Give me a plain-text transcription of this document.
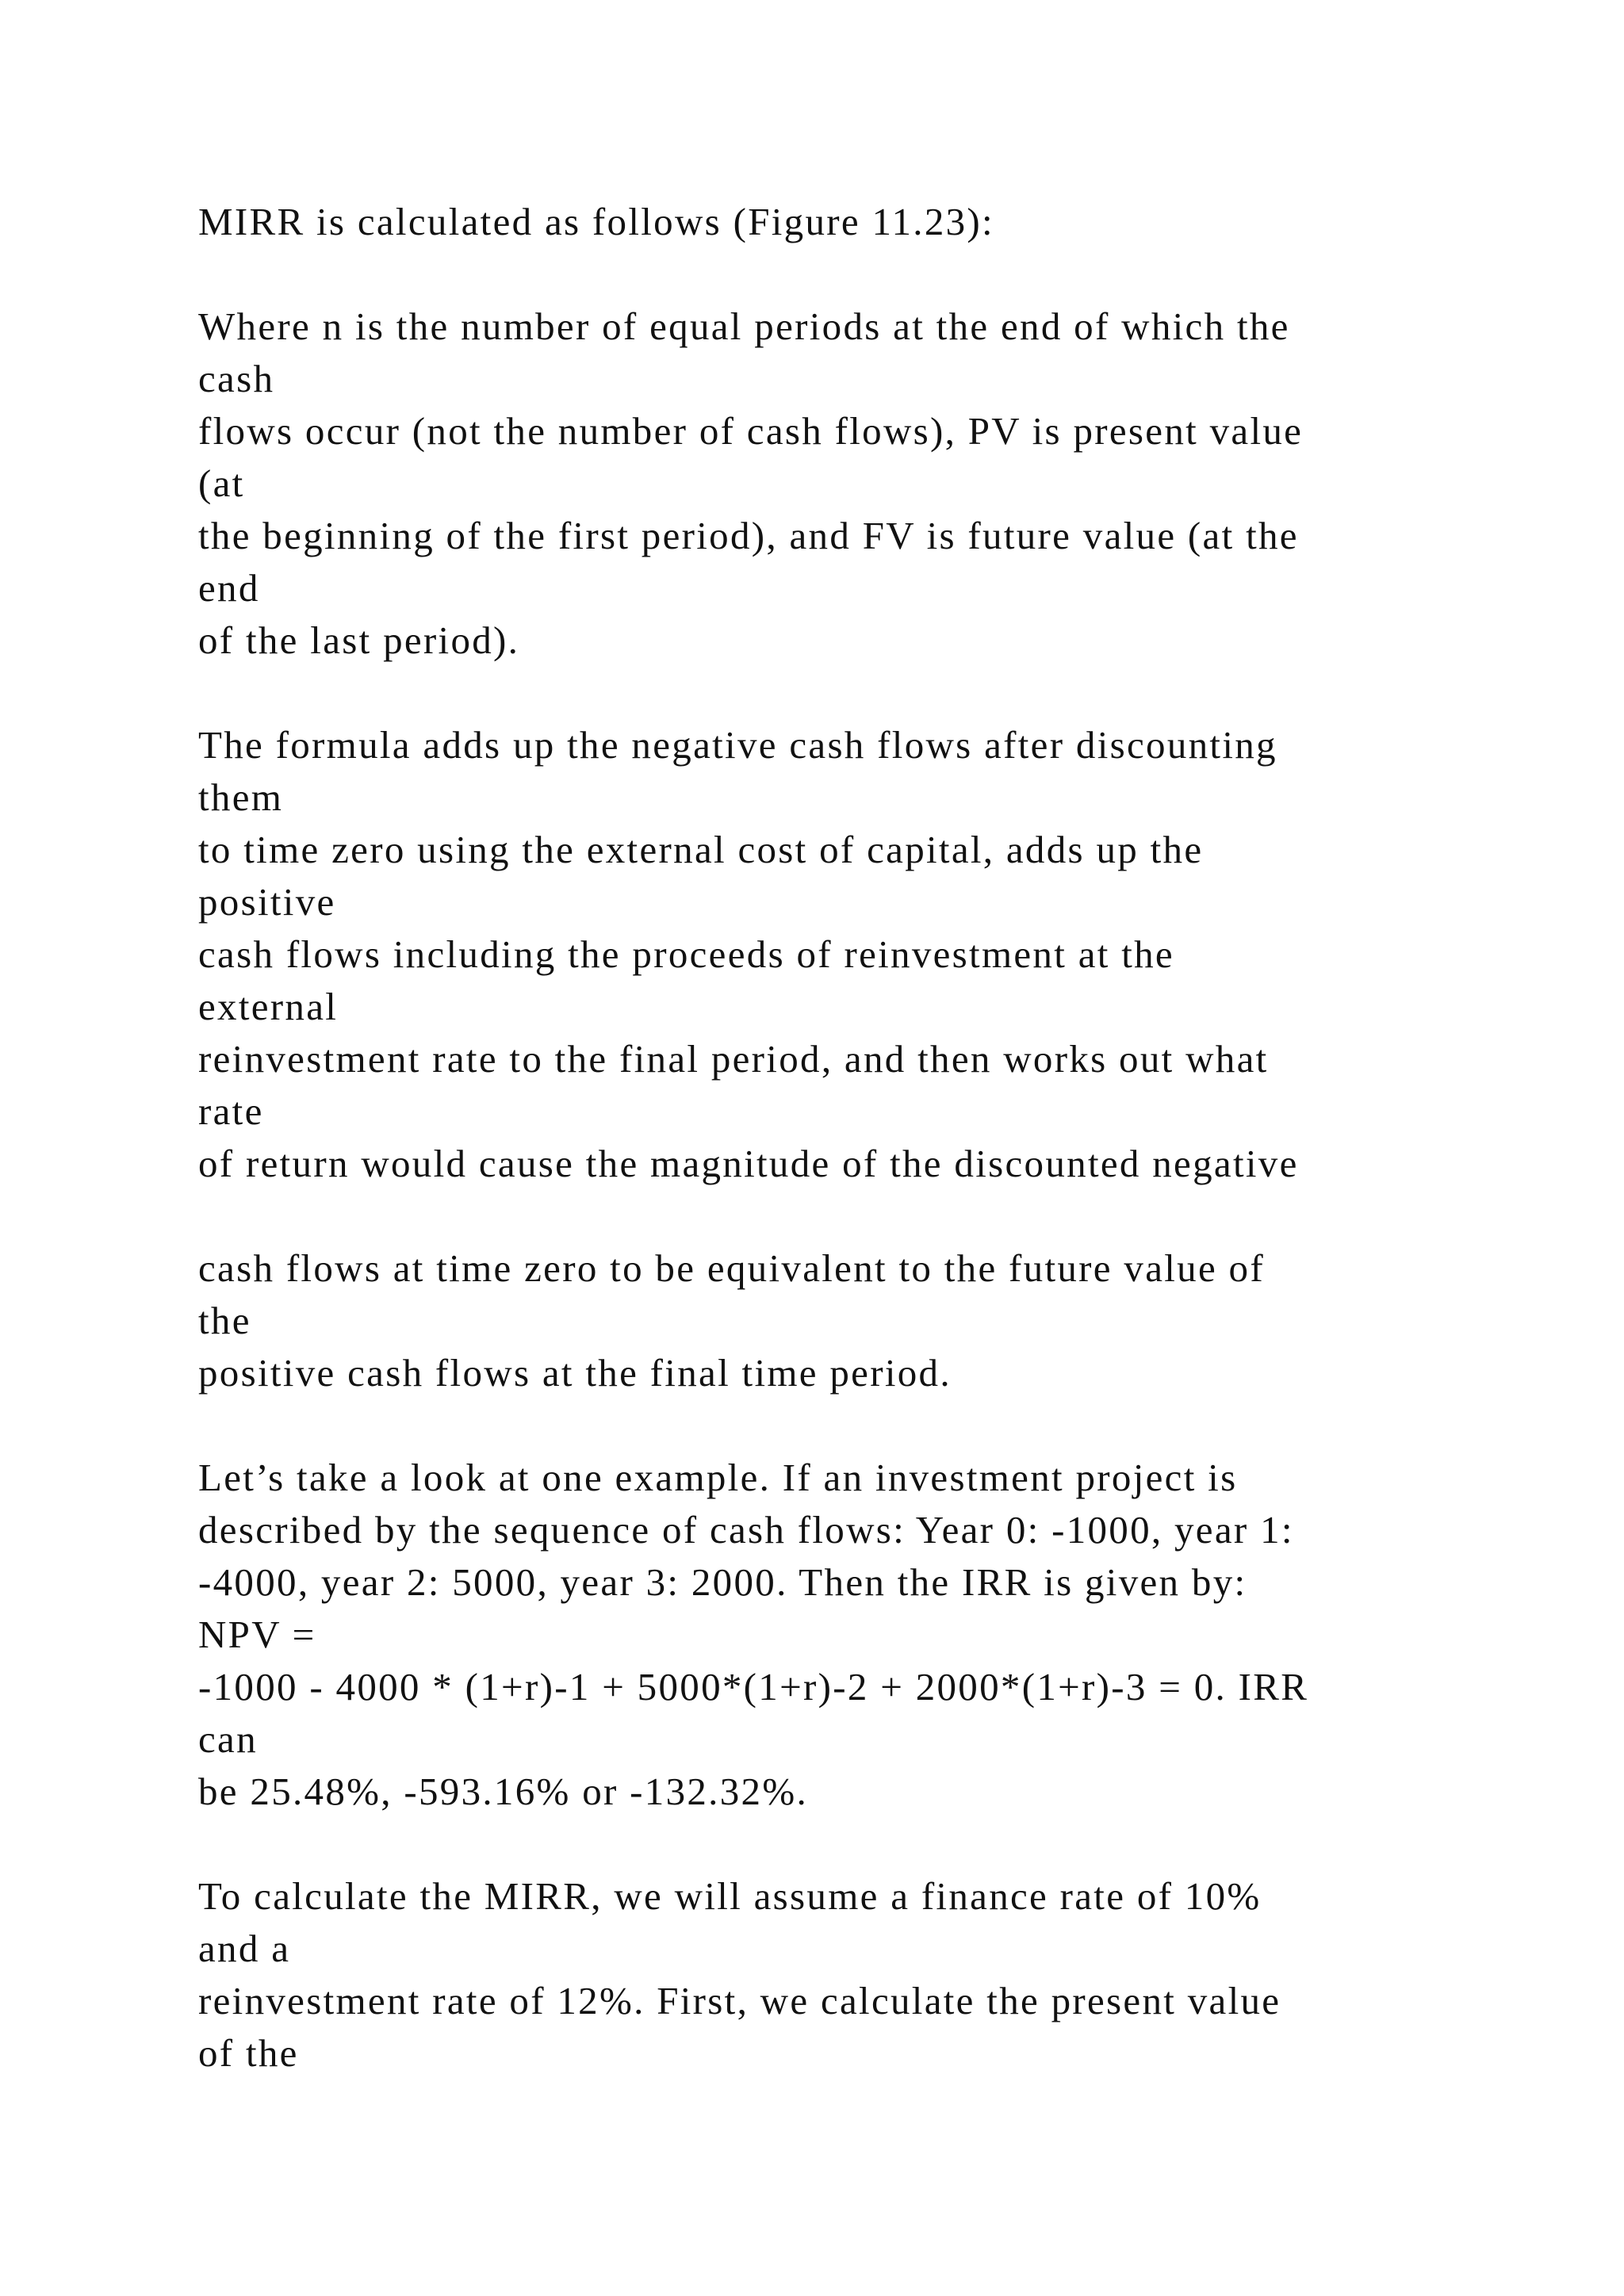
MIRR is calculated as follows (Figure 11.23):
Where n is the number of equal periods at the end of which the
cash
flows occur (not the number of cash flows), PV is present value
(at
the beginning of the first period), and FV is future value (at the
end
of the last period).
The formula adds up the negative cash flows after discounting
them
to time zero using the external cost of capital, adds up the
positive
cash flows including the proceeds of reinvestment at the
external
reinvestment rate to the final period, and then works out what
rate
of return would cause the magnitude of the discounted negative
cash flows at time zero to be equivalent to the future value of
the
positive cash flows at the final time period.
Let’s take a look at one example. If an investment project is
described by the sequence of cash flows: Year 0: -1000, year 1:
-4000, year 2: 5000, year 3: 2000. Then the IRR is given by:
NPV =
-1000 - 4000 * (1+r)-1 + 5000*(1+r)-2 + 2000*(1+r)-3 = 0. IRR
can
be 25.48%, -593.16% or -132.32%.
To calculate the MIRR, we will assume a finance rate of 10%
and a
reinvestment rate of 12%. First, we calculate the present value
of the
